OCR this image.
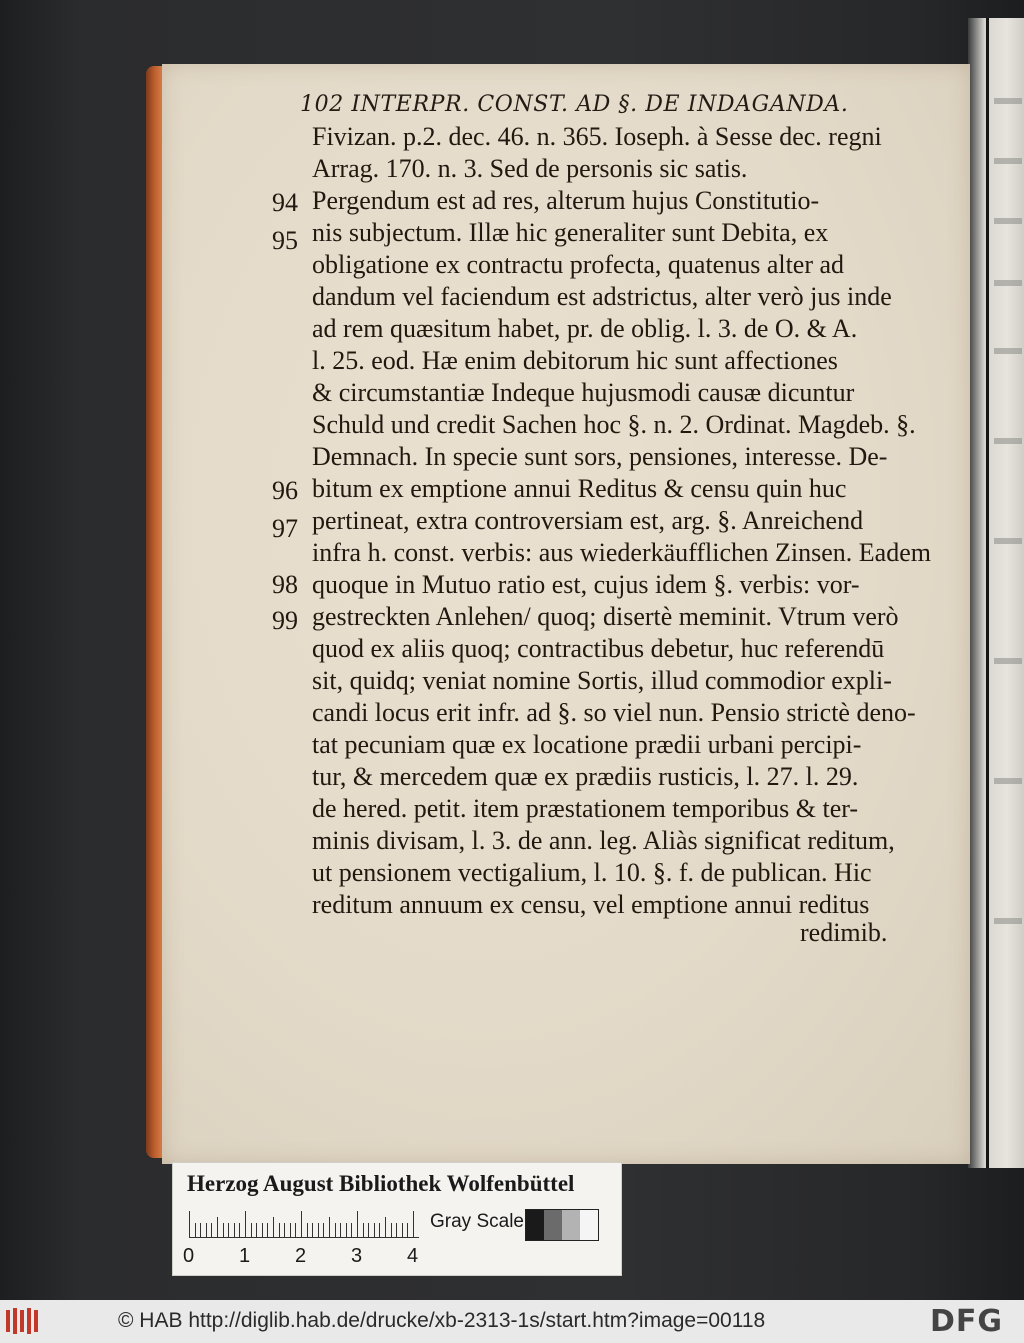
102 INTERPR. CONST. AD §. DE INDAGANDA.
Fivizan. p.2. dec. 46. n. 365. Ioseph. à Sesse dec. regni
Arrag. 170. n. 3. Sed de personis sic satis.
Pergendum est ad res, alterum hujus Constitutio-
nis subjectum. Illæ hic generaliter sunt Debita, ex
obligatione ex contractu profecta, quatenus alter ad
dandum vel faciendum est adstrictus, alter verò jus inde
ad rem quæsitum habet, pr. de oblig. l. 3. de O. & A.
l. 25. eod. Hæ enim debitorum hic sunt affectiones
& circumstantiæ Indeque hujusmodi causæ dicuntur
Schuld und credit Sachen hoc §. n. 2. Ordinat. Magdeb. §.
Demnach. In specie sunt sors, pensiones, interesse. De-
bitum ex emptione annui Reditus & censu quin huc
pertineat, extra controversiam est, arg. §. Anreichend
infra h. const. verbis: aus wiederkäufflichen Zinsen. Eadem
quoque in Mutuo ratio est, cujus idem §. verbis: vor-
gestreckten Anlehen/ quoq; disertè meminit. Vtrum verò
quod ex aliis quoq; contractibus debetur, huc referendū
sit, quidq; veniat nomine Sortis, illud commodior expli-
candi locus erit infr. ad §. so viel nun. Pensio strictè deno-
tat pecuniam quæ ex locatione prædii urbani percipi-
tur, & mercedem quæ ex prædiis rusticis, l. 27. l. 29.
de hered. petit. item præstationem temporibus & ter-
minis divisam, l. 3. de ann. leg. Aliàs significat reditum,
ut pensionem vectigalium, l. 10. §. f. de publican. Hic
reditum annuum ex censu, vel emptione annui reditus
redimib.
94
95
96
97
98
99

Herzog August Bibliothek Wolfenbüttel
0 1 2 3 4
Gray Scale
© HAB http://diglib.hab.de/drucke/xb-2313-1s/start.htm?image=00118	DFG
